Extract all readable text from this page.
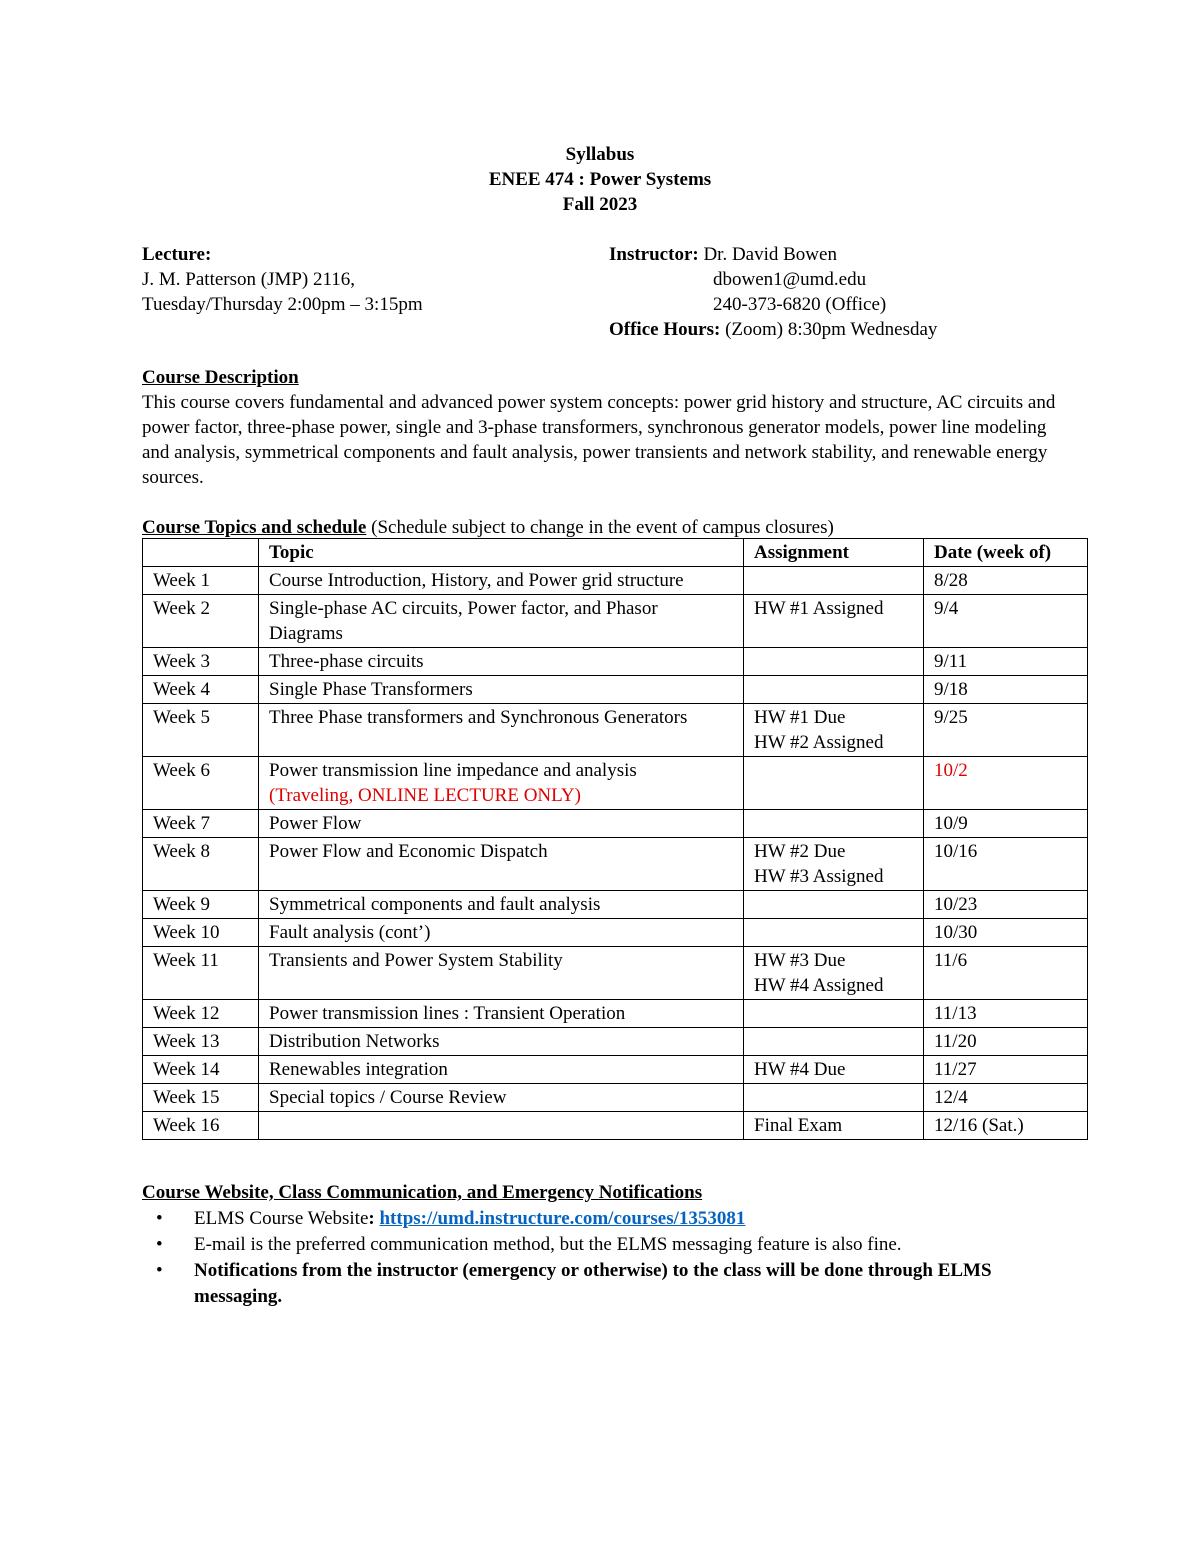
Syllabus
ENEE 474 : Power Systems
Fall 2023
Lecture:
J. M. Patterson (JMP) 2116,
Tuesday/Thursday 2:00pm – 3:15pm
Instructor: Dr. David Bowen
dbowen1@umd.edu
240-373-6820 (Office)
Office Hours: (Zoom) 8:30pm Wednesday
Course Description

This course covers fundamental and advanced power system concepts: power grid history and structure, AC circuits and power factor, three-phase power, single and 3-phase transformers, synchronous generator models, power line modeling and analysis, symmetrical components and fault analysis, power transients and network stability, and renewable energy sources.

Course Topics and schedule (Schedule subject to change in the event of campus closures)
	Topic	Assignment	Date (week of)
Week 1	Course Introduction, History, and Power grid structure		8/28
Week 2	Single-phase AC circuits, Power factor, and Phasor Diagrams	HW #1 Assigned	9/4
Week 3	Three-phase circuits		9/11
Week 4	Single Phase Transformers		9/18
Week 5	Three Phase transformers and Synchronous Generators	HW #1 Due
HW #2 Assigned	9/25
Week 6	Power transmission line impedance and analysis
(Traveling, ONLINE LECTURE ONLY)		10/2
Week 7	Power Flow		10/9
Week 8	Power Flow and Economic Dispatch	HW #2 Due
HW #3 Assigned	10/16
Week 9	Symmetrical components and fault analysis		10/23
Week 10	Fault analysis (cont’)		10/30
Week 11	Transients and Power System Stability	HW #3 Due
HW #4 Assigned	11/6
Week 12	Power transmission lines : Transient Operation		11/13
Week 13	Distribution Networks		11/20
Week 14	Renewables integration	HW #4 Due	11/27
Week 15	Special topics / Course Review		12/4
Week 16		Final Exam	12/16 (Sat.)
Course Website, Class Communication, and Emergency Notifications
• ELMS Course Website: https://umd.instructure.com/courses/1353081
• E-mail is the preferred communication method, but the ELMS messaging feature is also fine.
• Notifications from the instructor (emergency or otherwise) to the class will be done through ELMS messaging.
